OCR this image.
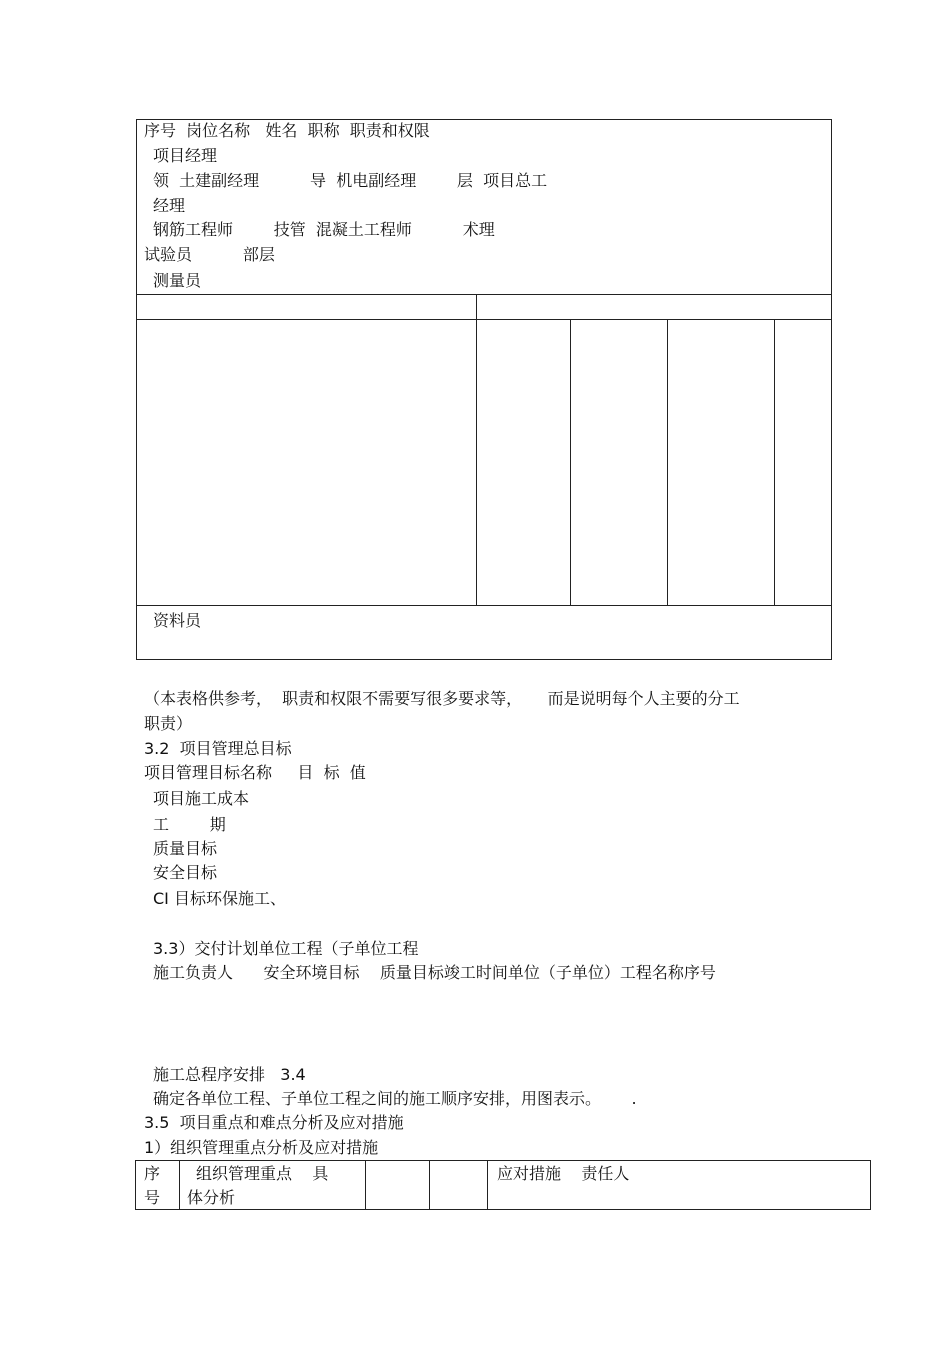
序号  岗位名称   姓名  职称  职责和权限
项目经理
领  土建副经理          导  机电副经理        层  项目总工
经理
钢筋工程师        技管  混凝土工程师          术理
试验员          部层
测量员
资料员
（本表格供参考，  职责和权限不需要写很多要求等，     而是说明每个人主要的分工
职责）
3.2  项目管理总目标
项目管理目标名称     目  标  值
项目施工成本
工        期
质量目标
安全目标
CI 目标环保施工、
3.3）交付计划单位工程（子单位工程
施工负责人      安全环境目标    质量目标竣工时间单位（子单位）工程名称序号
施工总程序安排   3.4
确定各单位工程、子单位工程之间的施工顺序安排，用图表示。      .
3.5  项目重点和难点分析及应对措施
1）组织管理重点分析及应对措施
序
号
组织管理重点    具
体分析
应对措施    责任人
